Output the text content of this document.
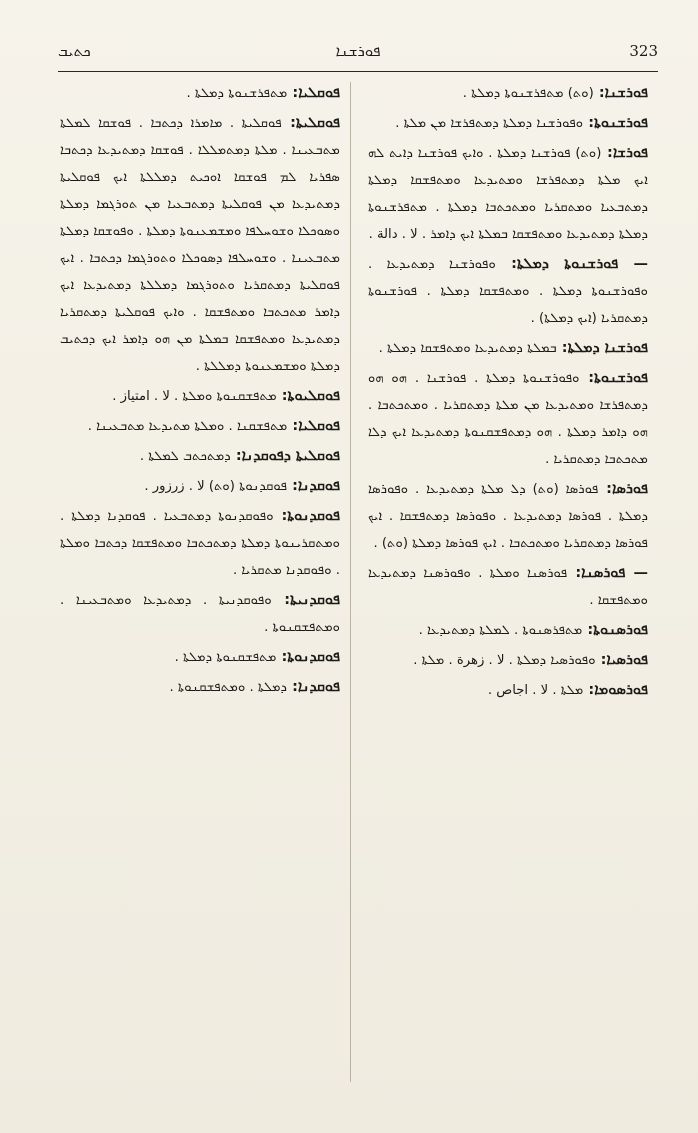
ܟܬܝܒ	ܦܘܪܫܢܐ	323

ܦܘܩܠܝܐ: ܡܬܦܪܫܢܘܬܐ ܕܡܠܬܐ .

ܦܘܩܠܝܬܐ: ܦܘܩܠܝܬܐ . ܡܐܡܪܐ ܕܟܬܒܐ . ܦܘܫܩܐ ܠܡܠܬܐ ܡܬܒܥܝܢܐ . ܡܠܬܐ ܕܡܬܡܠܠܐ . ܦܘܫܩܐ ܕܡܬܝܕܥܐ ܕܟܬܒܐ ܣܦܪܝܐ ܠܡ ܦܘܫܩܐ ܐܘܟܝܬ ܕܡܠܠܬܐ ܐܝܟ ܦܘܩܠܝܬܐ ܕܡܬܝܕܥܐ ܡܢ ܦܘܩܠܝܬܐ ܕܡܬܒܥܝܐ ܡܢ ܬܘܪܓܡܐ ܕܡܠܬܐ ܘܣܘܟܠܐ ܘܫܘܚܠܦܐ ܘܡܫܡܥܢܘܬܐ ܕܡܠܬܐ . ܘܦܘܫܩܐ ܕܡܠܬܐ ܡܬܒܥܝܢܐ . ܘܫܘܚܠܦܐ ܕܣܘܟܠܐ ܘܬܘܪܓܡܐ ܕܟܬܒܐ . ܐܝܟ ܦܘܩܠܝܬܐ ܕܡܬܩܪܝܐ ܘܬܘܪܓܡܐ ܕܡܠܠܬܐ ܕܡܬܝܕܥܐ ܐܝܟ ܕܐܡܪ ܡܬܟܬܒܐ ܘܡܬܦܫܩܐ . ܘܐܝܟ ܦܘܩܠܝܬܐ ܕܡܬܩܪܝܐ ܕܡܬܝܕܥܐ ܘܡܬܦܫܩܐ ܒܡܠܬܐ ܡܢ ܗܘ ܕܐܡܪ ܐܝܟ ܕܟܬܝܒ ܕܡܠܬܐ ܘܡܫܡܥܢܘܬܐ ܕܡܠܠܬܐ .

ܦܘܩܠܝܘܬܐ: ܡܬܦܫܩܢܘܬܐ ܘܡܠܬܐ . ﻻ . امتياز .

ܦܘܩܠܝܐ: ܡܬܦܫܩܢܐ . ܘܡܠܬܐ ܡܬܝܕܥܐ ܡܬܒܥܝܢܐ .

ܦܘܩܠܝܬܐ ܕܦܘܩܕܢܐ: ܕܡܬܟܬܒ ܠܡܠܬܐ .

ܦܘܩܕܢܐ: ܦܘܩܕܢܘܬܐ (ܘܬ) ﻻ . زرزور .

ܦܘܩܕܢܘܬܐ: ܘܦܘܩܕܢܘܬܐ ܕܡܬܒܥܝܐ . ܦܘܩܕܢܐ ܕܡܠܬܐ . ܘܡܬܩܪܝܢܘܬܐ ܕܡܠܬܐ ܕܡܬܟܬܒܐ ܘܡܬܦܫܩܐ ܕܟܬܒܐ ܘܡܠܬܐ . ܘܦܘܩܕܢܐ ܡܬܩܪܝܐ .

ܦܘܩܕܢܝܬܐ: ܘܦܘܩܕܢܝܬܐ . ܕܡܬܝܕܥܐ ܘܡܬܒܥܝܢܐ . ܘܡܬܦܫܩܢܘܬܐ .

ܦܘܩܕܢܘܬܐ: ܡܬܦܫܩܢܘܬܐ ܕܡܠܬܐ .

ܦܘܩܕܢܐ: ܕܡܠܬܐ . ܘܡܬܦܫܩܢܘܬܐ .

ܦܘܪܫܢܐ: (ܘܬ) ܡܬܦܪܫܢܘܬܐ ܕܡܠܬܐ .

ܦܘܪܫܢܘܬܐ: ܘܦܘܪܫܢܐ ܕܡܠܬܐ ܕܡܬܦܪܫܐ ܡܢ ܡܠܬܐ .

ܦܘܪܫܐ: (ܘܬ) ܦܘܪܫܢܐ ܕܡܠܬܐ . ܘܐܝܟ ܦܘܪܫܢܐ ܕܐܝܬ ܠܗ ܐܝܟ ܡܠܬܐ ܕܡܬܦܪܫܐ ܘܡܬܝܕܥܐ ܘܡܬܦܫܩܐ ܕܡܠܬܐ ܕܡܬܒܥܝܐ ܘܡܬܩܪܝܐ ܘܡܬܟܬܒܐ ܕܡܠܬܐ . ܡܬܦܪܫܢܘܬܐ ܕܡܠܬܐ ܕܡܬܝܕܥܐ ܘܡܬܦܫܩܐ ܒܡܠܬܐ ܐܝܟ ܕܐܡܪ . ﻻ . دالة .

— ܦܘܪܫܢܘܬܐ ܕܡܠܬܐ: ܘܦܘܪܫܢܐ ܕܡܬܝܕܥܐ . ܘܦܘܪܫܢܘܬܐ ܕܡܠܬܐ . ܘܡܬܦܫܩܐ ܕܡܠܬܐ . ܦܘܪܫܢܘܬܐ ܕܡܬܩܪܝܐ (ܐܝܟ ܕܡܠܬܐ) .

ܦܘܪܫܢܐ ܕܡܠܬܐ: ܒܡܠܬܐ ܕܡܬܝܕܥܐ ܘܡܬܦܫܩܐ ܕܡܠܬܐ .

ܦܘܪܫܢܘܬܐ: ܘܦܘܪܫܢܘܬܐ ܕܡܠܬܐ . ܦܘܪܫܢܐ . ܗܘ ܗܘ ܕܡܬܦܪܫܐ ܘܡܬܝܕܥܐ ܡܢ ܡܠܬܐ ܕܡܬܩܪܝܐ . ܘܡܬܟܬܒܐ . ܗܘ ܕܐܡܪ ܕܡܠܬܐ . ܗܘ ܕܡܬܦܫܩܢܘܬܐ ܕܡܬܝܕܥܐ ܐܝܟ ܕܠܐ ܡܬܟܬܒܐ ܕܡܬܩܪܝܐ .

ܦܘܪܣܐ: ܦܘܪܣܐ (ܘܬ) ܕܠ ܡܠܬܐ ܕܡܬܝܕܥܐ . ܘܦܘܪܣܐ ܕܡܠܬܐ . ܦܘܪܣܐ ܕܡܬܝܕܥܐ . ܘܦܘܪܣܐ ܕܡܬܦܫܩܐ . ܐܝܟ ܦܘܪܣܐ ܕܡܬܩܪܝܐ ܘܡܬܟܬܒܐ . ܐܝܟ ܦܘܪܣܐ ܕܡܠܬܐ (ܘܬ) .

— ܦܘܪܣܢܐ: ܦܘܪܣܢܐ ܘܡܠܬܐ . ܘܦܘܪܣܢܐ ܕܡܬܝܕܥܐ ܘܡܬܦܫܩܐ .

ܦܘܪܣܢܘܬܐ: ܡܬܦܪܣܢܘܬܐ . ܠܡܠܬܐ ܕܡܬܝܕܥܐ .

ܦܘܪܣܝܐ: ܘܦܘܪܣܝܐ ܕܡܠܬܐ . ﻻ . زهرة . ܡܠܬܐ .

ܦܘܪܣܘܡܐ: ܡܠܬܐ . ﻻ . اجاص .
